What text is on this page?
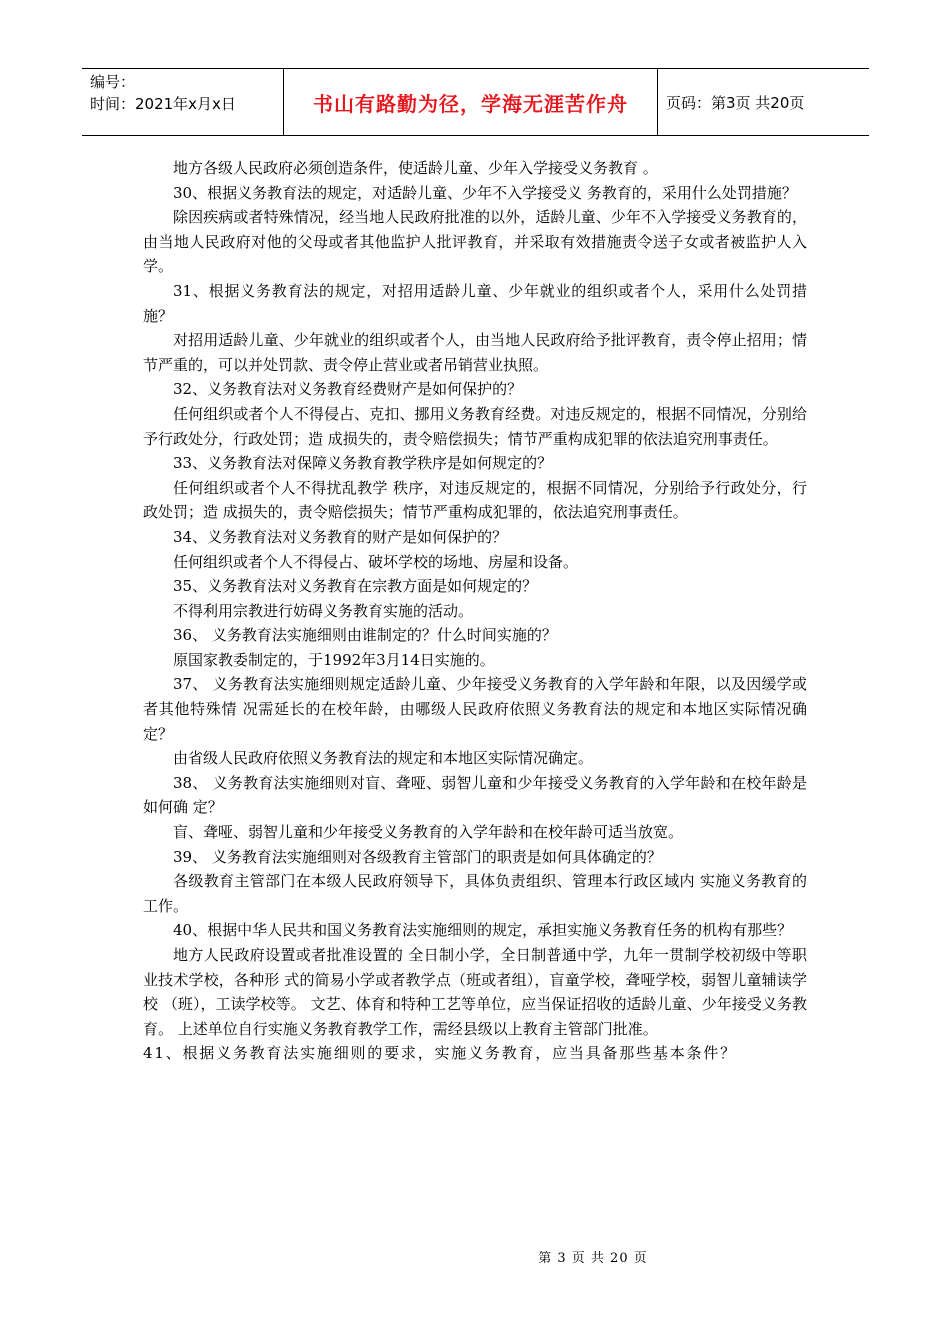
编号：
时间：2021年x月x日	书山有路勤为径，学海无涯苦作舟	页码：第3页 共20页

地方各级人民政府必须创造条件，使适龄儿童、少年入学接受义务教育 。

30、根据义务教育法的规定，对适龄儿童、少年不入学接受义 务教育的，采用什么处罚措施？

除因疾病或者特殊情况，经当地人民政府批准的以外，适龄儿童、少年不入学接受义务教育的，由当地人民政府对他的父母或者其他监护人批评教育，并采取有效措施责令送子女或者被监护人入学。

31、根据义务教育法的规定，对招用适龄儿童、少年就业的组织或者个人，采用什么处罚措施？

对招用适龄儿童、少年就业的组织或者个人，由当地人民政府给予批评教育，责令停止招用；情节严重的，可以并处罚款、责令停止营业或者吊销营业执照。

32、义务教育法对义务教育经费财产是如何保护的？

任何组织或者个人不得侵占、克扣、挪用义务教育经费。对违反规定的，根据不同情况，分别给予行政处分，行政处罚；造 成损失的，责令赔偿损失；情节严重构成犯罪的依法追究刑事责任。

33、义务教育法对保障义务教育教学秩序是如何规定的？

任何组织或者个人不得扰乱教学 秩序，对违反规定的，根据不同情况，分别给予行政处分，行政处罚；造 成损失的，责令赔偿损失；情节严重构成犯罪的，依法追究刑事责任。

34、义务教育法对义务教育的财产是如何保护的？

任何组织或者个人不得侵占、破坏学校的场地、房屋和设备。

35、义务教育法对义务教育在宗教方面是如何规定的？

不得利用宗教进行妨碍义务教育实施的活动。

36、 义务教育法实施细则由谁制定的？什么时间实施的？

原国家教委制定的，于1992年3月14日实施的。

37、 义务教育法实施细则规定适龄儿童、少年接受义务教育的入学年龄和年限，以及因缓学或者其他特殊情 况需延长的在校年龄，由哪级人民政府依照义务教育法的规定和本地区实际情况确 定？

由省级人民政府依照义务教育法的规定和本地区实际情况确定。

38、 义务教育法实施细则对盲、聋哑、弱智儿童和少年接受义务教育的入学年龄和在校年龄是如何确 定？

盲、聋哑、弱智儿童和少年接受义务教育的入学年龄和在校年龄可适当放宽。

39、 义务教育法实施细则对各级教育主管部门的职责是如何具体确定的？

各级教育主管部门在本级人民政府领导下，具体负责组织、管理本行政区域内 实施义务教育的工作。

40、根据中华人民共和国义务教育法实施细则的规定，承担实施义务教育任务的机构有那些？

地方人民政府设置或者批准设置的 全日制小学，全日制普通中学，九年一贯制学校初级中等职业技术学校，各种形 式的简易小学或者教学点（班或者组），盲童学校，聋哑学校，弱智儿童辅读学校 （班），工读学校等。 文艺、体育和特种工艺等单位，应当保证招收的适龄儿童、少年接受义务教育。 上述单位自行实施义务教育教学工作，需经县级以上教育主管部门批准。

41、根据义务教育法实施细则的要求，实施义务教育，应当具备那些基本条件？

第 3 页 共 20 页
